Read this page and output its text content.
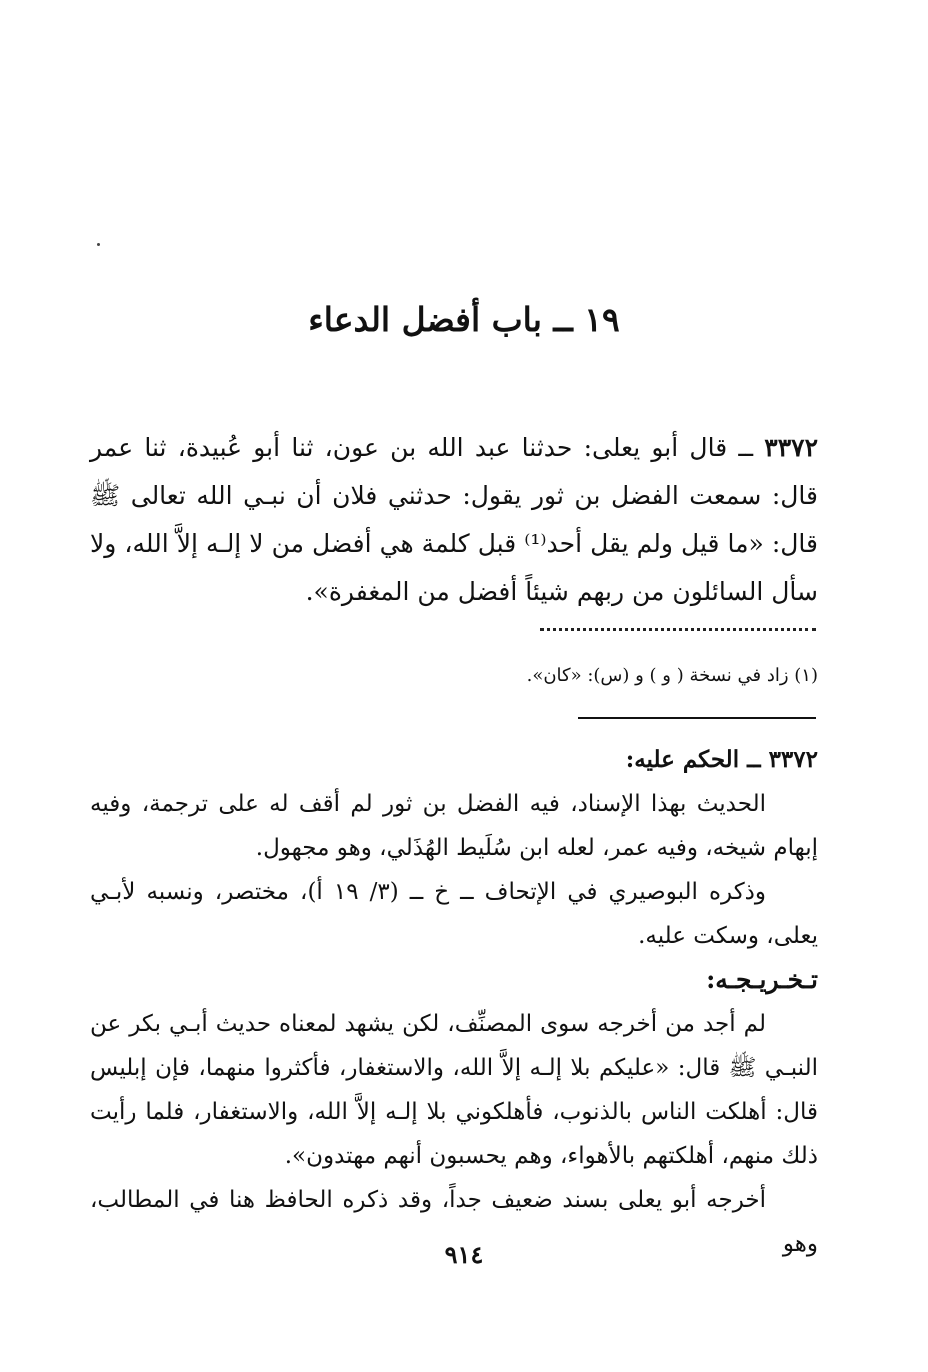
١٩ ــ باب أفضل الدعاء
٣٣٧٢ ــ قال أبو يعلى: حدثنا عبد الله بن عون، ثنا أبو عُبيدة، ثنا عمر قال: سمعت الفضل بن ثور يقول: حدثني فلان أن نبـي الله تعالى ﷺ قال: «ما قيل ولم يقل أحد⁽¹⁾ قبل كلمة هي أفضل من لا إلـه إلاَّ الله، ولا سأل السائلون من ربهم شيئاً أفضل من المغفرة».
(١) زاد في نسخة ( و ) و (س): «كان».
٣٣٧٢ ــ الحكم عليه:
الحديث بهذا الإسناد، فيه الفضل بن ثور لم أقف له على ترجمة، وفيه إبهام شيخه، وفيه عمر، لعله ابن سُلَيط الهُذَلي، وهو مجهول.
وذكره البوصيري في الإتحاف ــ خ ــ (٣/ ١٩ أ)، مختصر، ونسبه لأبـي يعلى، وسكت عليه.
تـخـريـجـه:
لم أجد من أخرجه سوى المصنِّف، لكن يشهد لمعناه حديث أبـي بكر عن النبـي ﷺ قال: «عليكم بلا إلـه إلاَّ الله، والاستغفار، فأكثروا منهما، فإن إبليس قال: أهلكت الناس بالذنوب، فأهلكوني بلا إلـه إلاَّ الله، والاستغفار، فلما رأيت ذلك منهم، أهلكتهم بالأهواء، وهم يحسبون أنهم مهتدون».
أخرجه أبو يعلى بسند ضعيف جداً، وقد ذكره الحافظ هنا في المطالب، وهو
٩١٤
